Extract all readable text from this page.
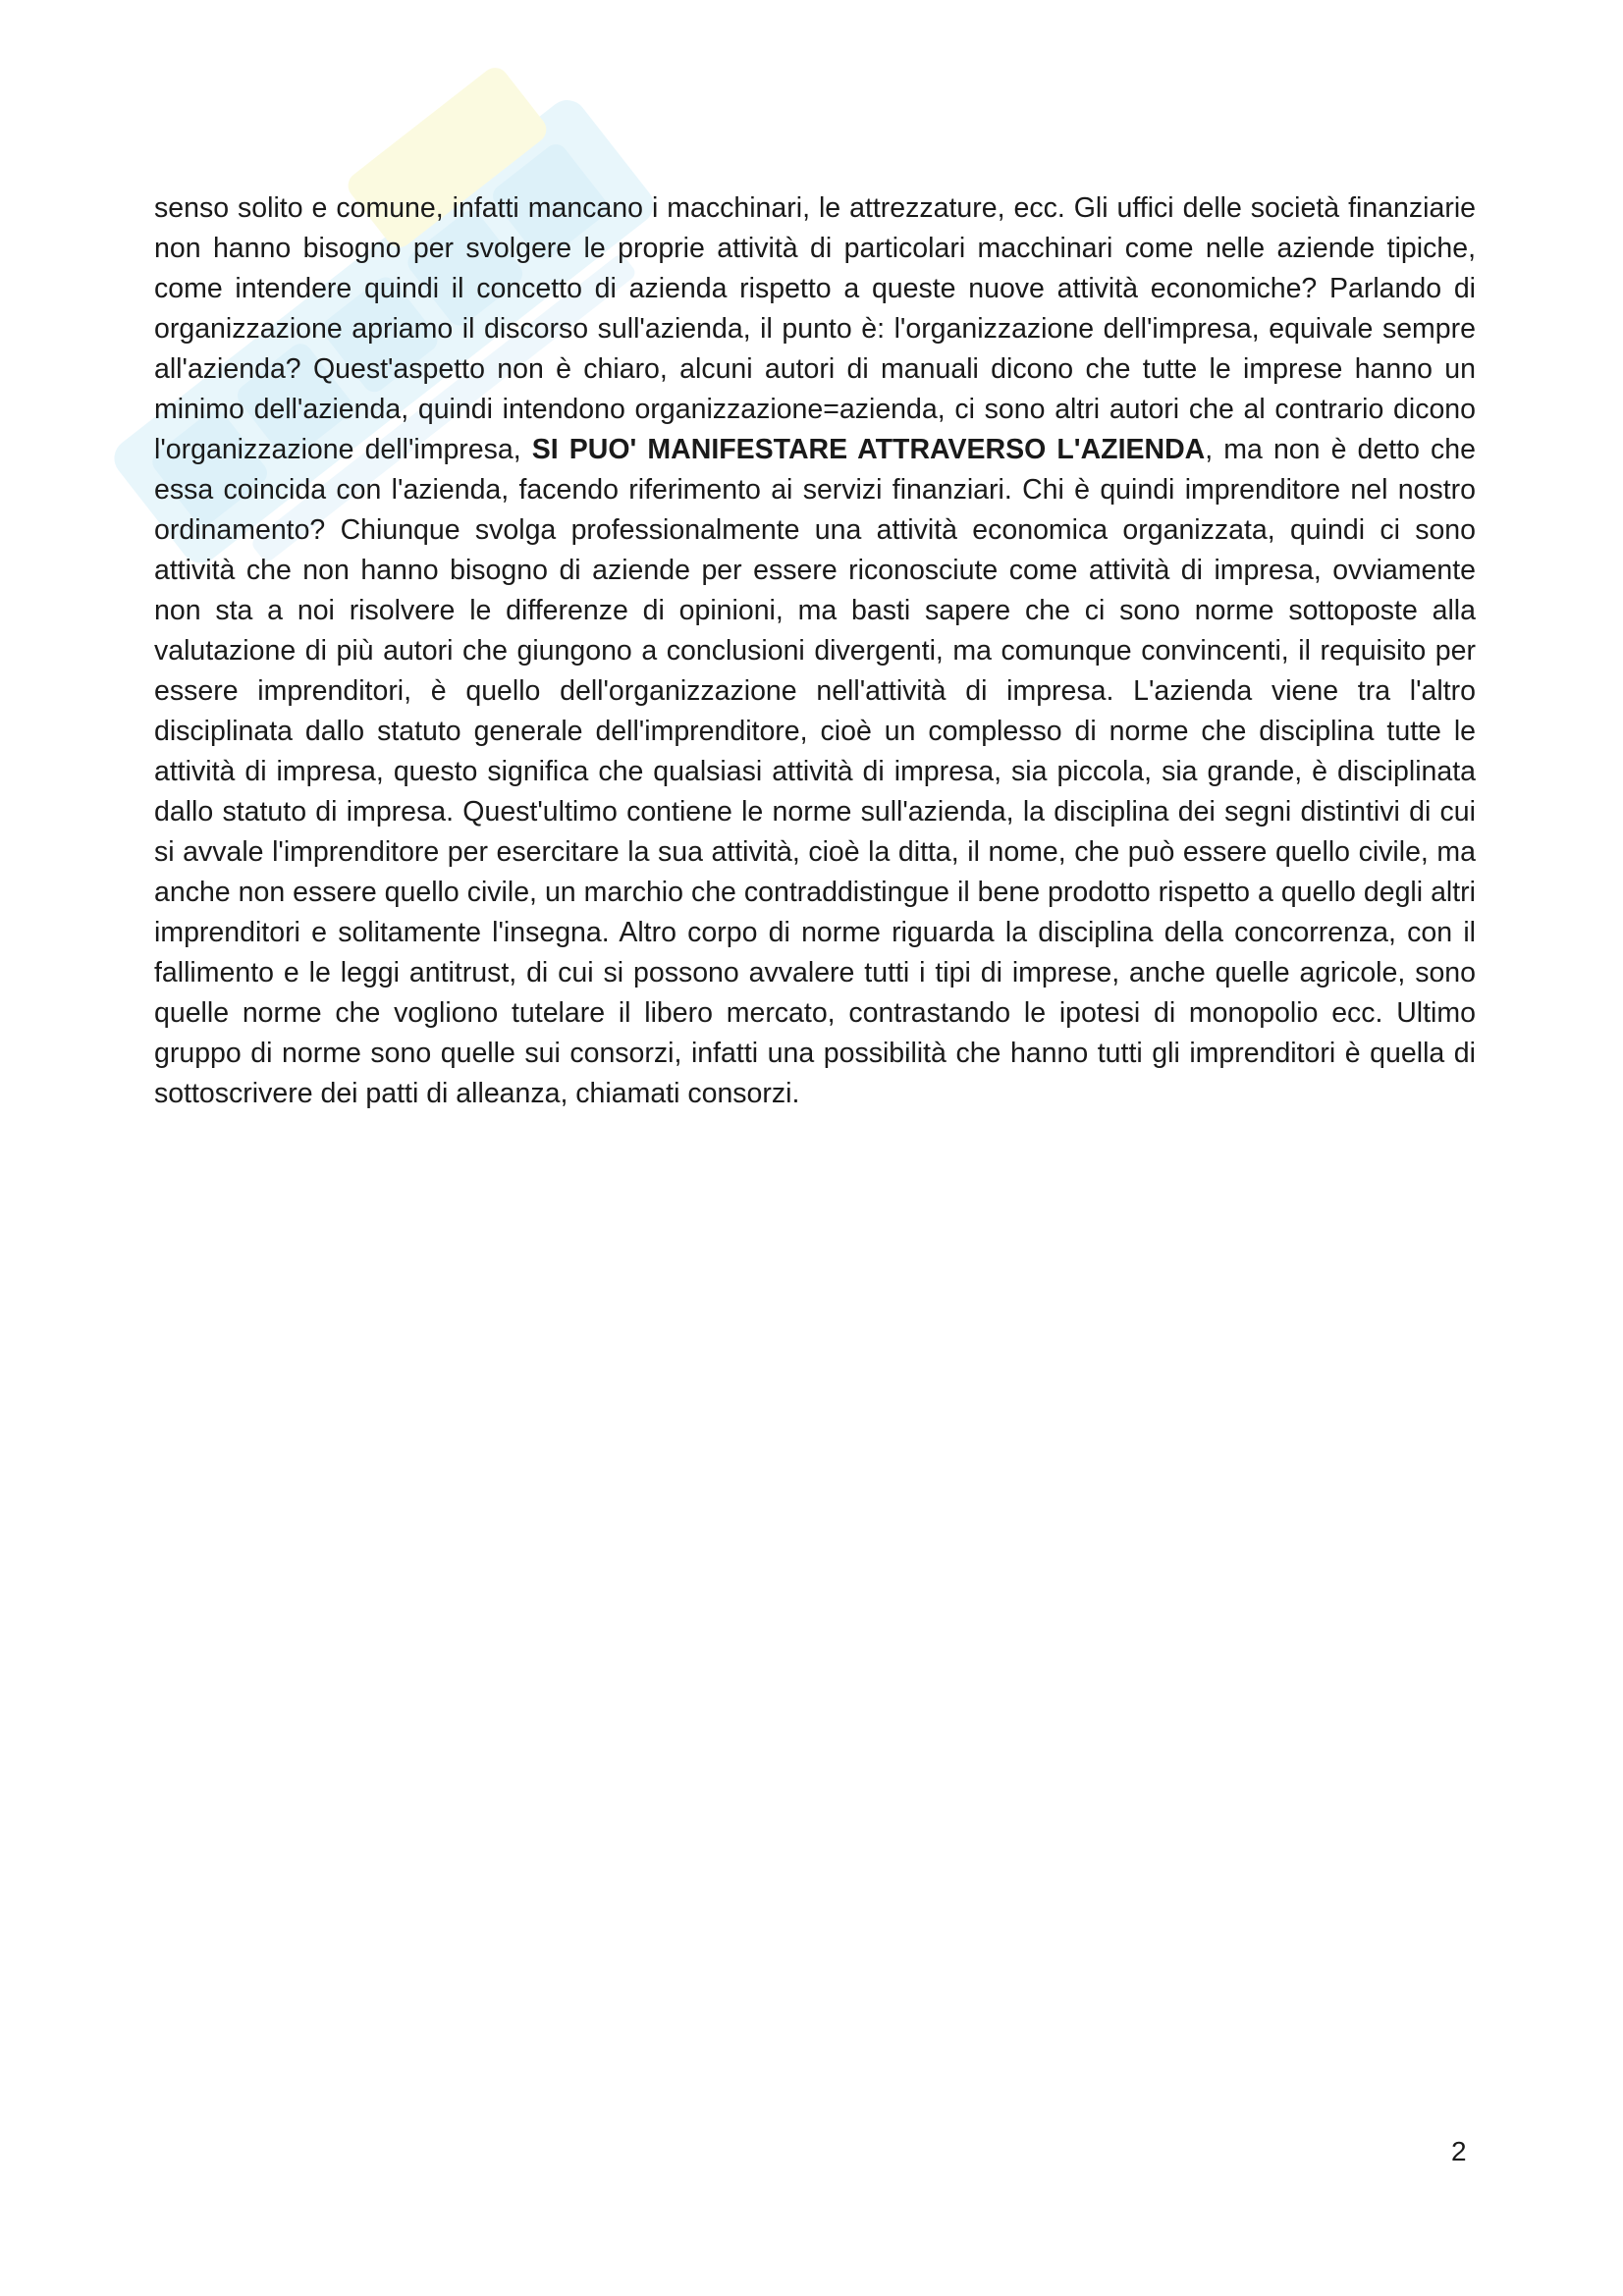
senso solito e comune, infatti mancano i macchinari, le attrezzature, ecc. Gli uffici delle società finanziarie non hanno bisogno per svolgere le proprie attività di particolari macchinari come nelle aziende tipiche, come intendere quindi il concetto di azienda rispetto a queste nuove attività economiche? Parlando di organizzazione apriamo il discorso sull'azienda, il punto è: l'organizzazione dell'impresa, equivale sempre all'azienda? Quest'aspetto non è chiaro, alcuni autori di manuali dicono che tutte le imprese hanno un minimo dell'azienda, quindi intendono organizzazione=azienda, ci sono altri autori che al contrario dicono l'organizzazione dell'impresa, SI PUO' MANIFESTARE ATTRAVERSO L'AZIENDA, ma non è detto che essa coincida con l'azienda, facendo riferimento ai servizi finanziari. Chi è quindi imprenditore nel nostro ordinamento? Chiunque svolga professionalmente una attività economica organizzata, quindi ci sono attività che non hanno bisogno di aziende per essere riconosciute come attività di impresa, ovviamente non sta a noi risolvere le differenze di opinioni, ma basti sapere che ci sono norme sottoposte alla valutazione di più autori che giungono a conclusioni divergenti, ma comunque convincenti, il requisito per essere imprenditori, è quello dell'organizzazione nell'attività di impresa. L'azienda viene tra l'altro disciplinata dallo statuto generale dell'imprenditore, cioè un complesso di norme che disciplina tutte le attività di impresa, questo significa che qualsiasi attività di impresa, sia piccola, sia grande, è disciplinata dallo statuto di impresa. Quest'ultimo contiene le norme sull'azienda, la disciplina dei segni distintivi di cui si avvale l'imprenditore per esercitare la sua attività, cioè la ditta, il nome, che può essere quello civile, ma anche non essere quello civile, un marchio che contraddistingue il bene prodotto rispetto a quello degli altri imprenditori e solitamente l'insegna. Altro corpo di norme riguarda la disciplina della concorrenza, con il fallimento e le leggi antitrust, di cui si possono avvalere tutti i tipi di imprese, anche quelle agricole, sono quelle norme che vogliono tutelare il libero mercato, contrastando le ipotesi di monopolio ecc. Ultimo gruppo di norme sono quelle sui consorzi, infatti una possibilità che hanno tutti gli imprenditori è quella di sottoscrivere dei patti di alleanza, chiamati consorzi.

2
